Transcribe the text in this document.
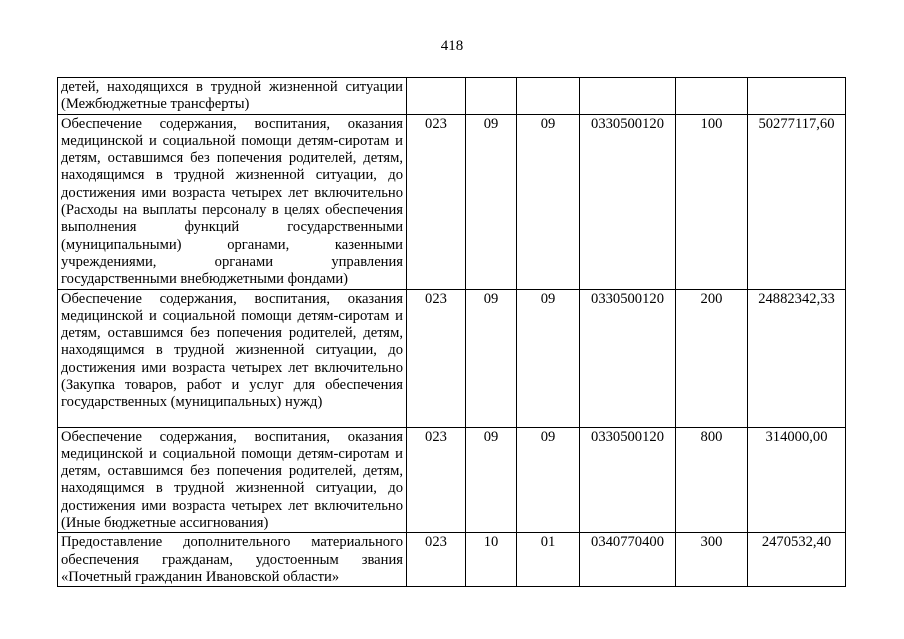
418
детей, находящихся в трудной жизненной ситуации (Межбюджетные трансферты)						
Обеспечение содержания, воспитания, оказания медицинской и социальной помощи детям-сиротам и детям, оставшимся без попечения родителей, детям, находящимся в трудной жизненной ситуации, до достижения ими возраста четырех лет включительно (Расходы на выплаты персоналу в целях обеспечения выполнения функций государственными (муниципальными) органами, казенными учреждениями, органами управления государственными внебюджетными фондами)	023	09	09	0330500120	100	50277117,60
Обеспечение содержания, воспитания, оказания медицинской и социальной помощи детям-сиротам и детям, оставшимся без попечения родителей, детям, находящимся в трудной жизненной ситуации, до достижения ими возраста четырех лет включительно (Закупка товаров, работ и услуг для обеспечения государственных (муниципальных) нужд)	023	09	09	0330500120	200	24882342,33
Обеспечение содержания, воспитания, оказания медицинской и социальной помощи детям-сиротам и детям, оставшимся без попечения родителей, детям, находящимся в трудной жизненной ситуации, до достижения ими возраста четырех лет включительно (Иные бюджетные ассигнования)	023	09	09	0330500120	800	314000,00
Предоставление дополнительного материального обеспечения гражданам, удостоенным звания «Почетный гражданин Ивановской области»	023	10	01	0340770400	300	2470532,40
